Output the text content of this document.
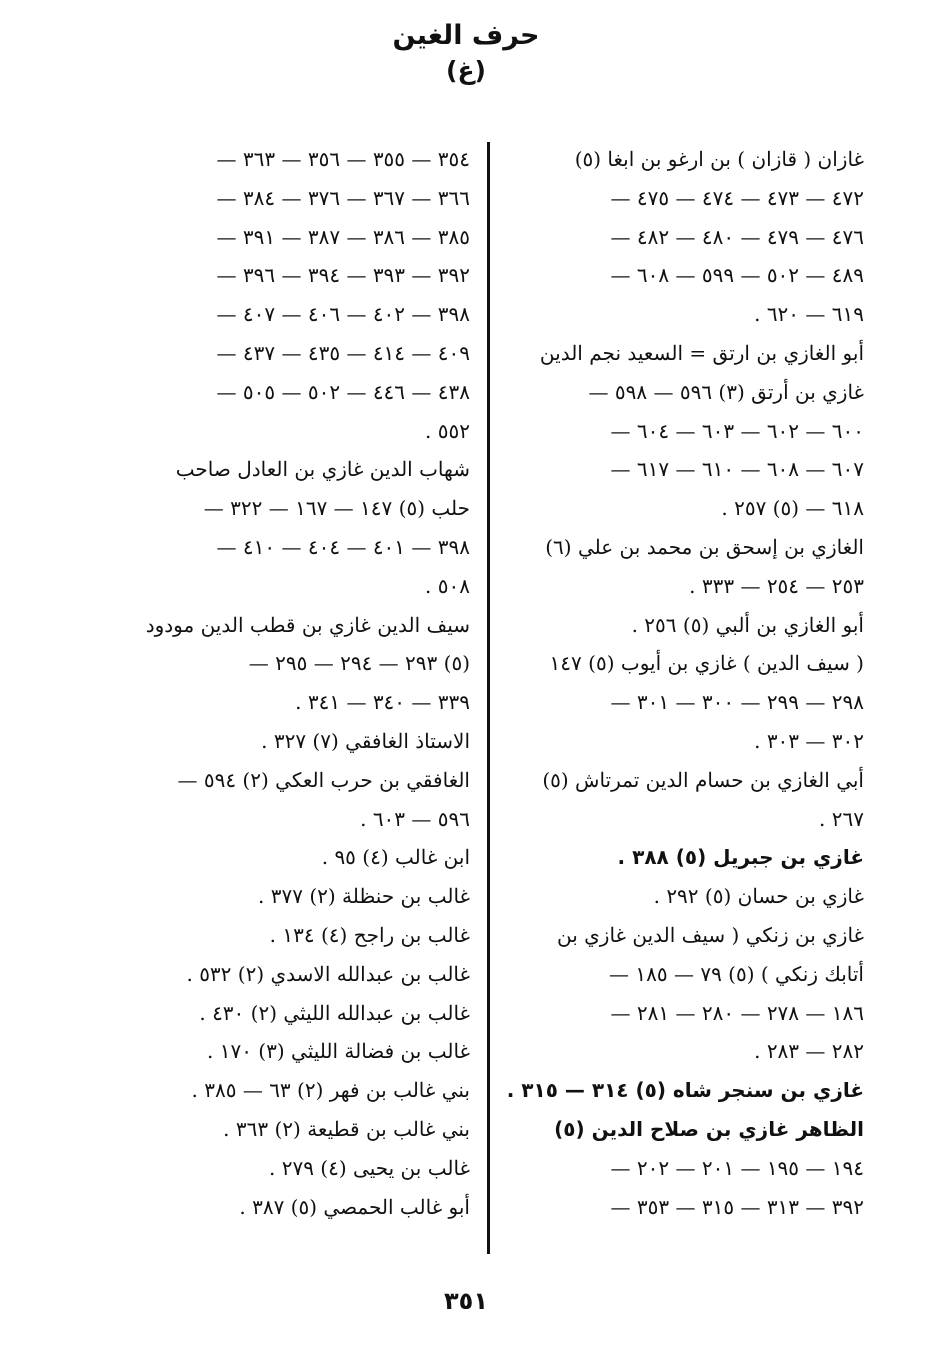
حرف الغين
(غ)
غازان ( قازان ) بن ارغو بن ابغا (٥)
٤٧٢ — ٤٧٣ — ٤٧٤ — ٤٧٥ —
٤٧٦ — ٤٧٩ — ٤٨٠ — ٤٨٢ —
٤٨٩ — ٥٠٢ — ٥٩٩ — ٦٠٨ —
٦١٩ — ٦٢٠ .
أبو الغازي بن ارتق = السعيد نجم الدين
غازي بن أرتق (٣) ٥٩٦ — ٥٩٨ —
٦٠٠ — ٦٠٢ — ٦٠٣ — ٦٠٤ —
٦٠٧ — ٦٠٨ — ٦١٠ — ٦١٧ —
٦١٨ — (٥) ٢٥٧ .
الغازي بن إسحق بن محمد بن علي (٦)
٢٥٣ — ٢٥٤ — ٣٣٣ .
أبو الغازي بن ألبي (٥) ٢٥٦ .
( سيف الدين ) غازي بن أيوب (٥) ١٤٧
٢٩٨ — ٢٩٩ — ٣٠٠ — ٣٠١ —
٣٠٢ — ٣٠٣ .
أبي الغازي بن حسام الدين تمرتاش (٥)
٢٦٧ .
غازي بن جبريل (٥) ٣٨٨ .
غازي بن حسان (٥) ٢٩٢ .
غازي بن زنكي ( سيف الدين غازي بن
أتابك زنكي ) (٥) ٧٩ — ١٨٥ —
١٨٦ — ٢٧٨ — ٢٨٠ — ٢٨١ —
٢٨٢ — ٢٨٣ .
غازي بن سنجر شاه (٥) ٣١٤ — ٣١٥ .
الظاهر غازي بن صلاح الدين (٥)
١٩٤ — ١٩٥ — ٢٠١ — ٢٠٢ —
٣٩٢ — ٣١٣ — ٣١٥ — ٣٥٣ —
٣٥٤ — ٣٥٥ — ٣٥٦ — ٣٦٣ —
٣٦٦ — ٣٦٧ — ٣٧٦ — ٣٨٤ —
٣٨٥ — ٣٨٦ — ٣٨٧ — ٣٩١ —
٣٩٢ — ٣٩٣ — ٣٩٤ — ٣٩٦ —
٣٩٨ — ٤٠٢ — ٤٠٦ — ٤٠٧ —
٤٠٩ — ٤١٤ — ٤٣٥ — ٤٣٧ —
٤٣٨ — ٤٤٦ — ٥٠٢ — ٥٠٥ —
٥٥٢ .
شهاب الدين غازي بن العادل صاحب
حلب (٥) ١٤٧ — ١٦٧ — ٣٢٢ —
٣٩٨ — ٤٠١ — ٤٠٤ — ٤١٠ —
٥٠٨ .
سيف الدين غازي بن قطب الدين مودود
(٥) ٢٩٣ — ٢٩٤ — ٢٩٥ —
٣٣٩ — ٣٤٠ — ٣٤١ .
الاستاذ الغافقي (٧) ٣٢٧ .
الغافقي بن حرب العكي (٢) ٥٩٤ —
٥٩٦ — ٦٠٣ .
ابن غالب (٤) ٩٥ .
غالب بن حنظلة (٢) ٣٧٧ .
غالب بن راجح (٤) ١٣٤ .
غالب بن عبدالله الاسدي (٢) ٥٣٢ .
غالب بن عبدالله الليثي (٢) ٤٣٠ .
غالب بن فضالة الليثي (٣) ١٧٠ .
بني غالب بن فهر (٢) ٦٣ — ٣٨٥ .
بني غالب بن قطيعة (٢) ٣٦٣ .
غالب بن يحيى (٤) ٢٧٩ .
أبو غالب الحمصي (٥) ٣٨٧ .
٣٥١
